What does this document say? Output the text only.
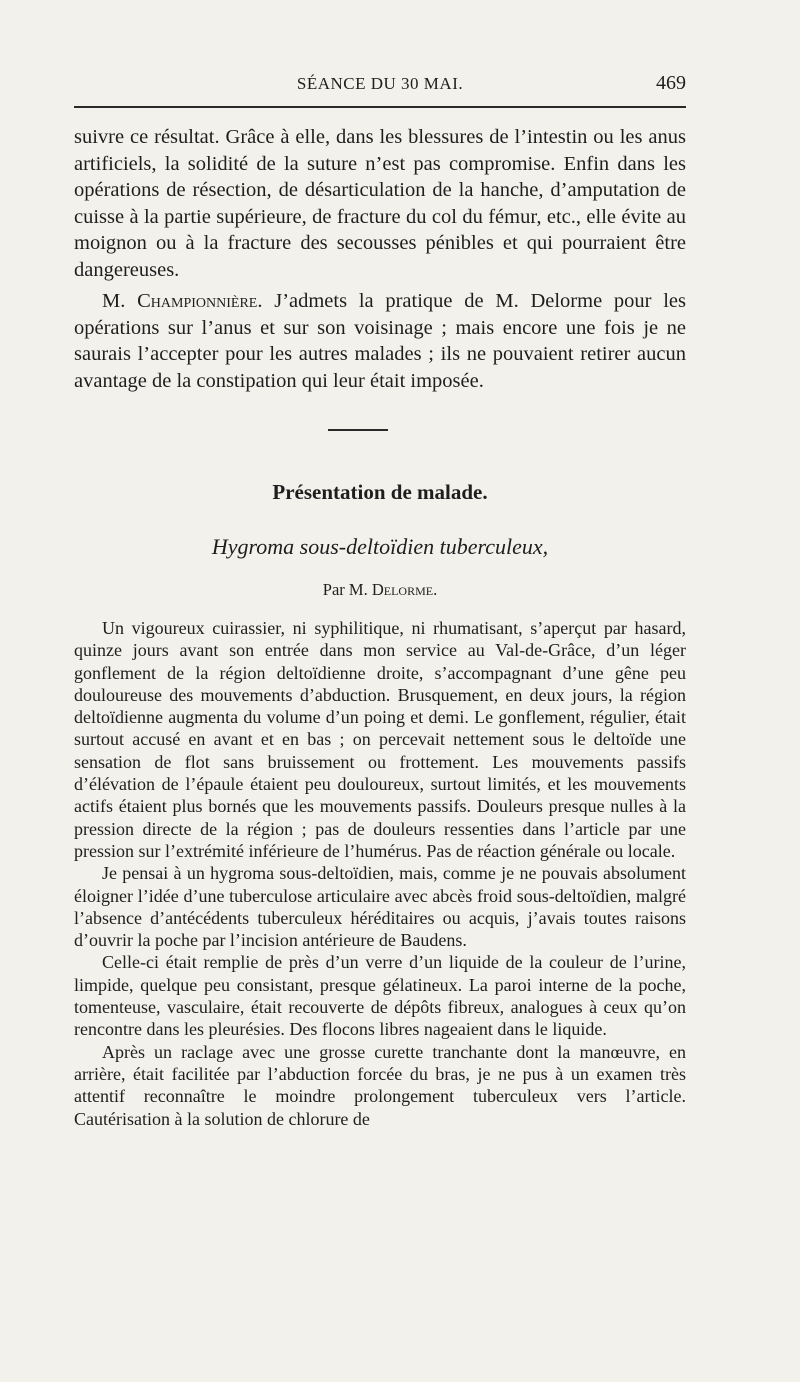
SÉANCE DU 30 MAI.	469

suivre ce résultat. Grâce à elle, dans les blessures de l’intestin ou les anus artificiels, la solidité de la suture n’est pas compromise. Enfin dans les opérations de résection, de désarticulation de la hanche, d’amputation de cuisse à la partie supérieure, de fracture du col du fémur, etc., elle évite au moignon ou à la fracture des secousses pénibles et qui pourraient être dangereuses.

M. Championnière. J’admets la pratique de M. Delorme pour les opérations sur l’anus et sur son voisinage ; mais encore une fois je ne saurais l’accepter pour les autres malades ; ils ne pouvaient retirer aucun avantage de la constipation qui leur était imposée.

Présentation de malade.
Hygroma sous-deltoïdien tuberculeux,
Par M. Delorme.

Un vigoureux cuirassier, ni syphilitique, ni rhumatisant, s’aperçut par hasard, quinze jours avant son entrée dans mon service au Val-de-Grâce, d’un léger gonflement de la région deltoïdienne droite, s’accompagnant d’une gêne peu douloureuse des mouvements d’abduction. Brusquement, en deux jours, la région deltoïdienne augmenta du volume d’un poing et demi. Le gonflement, régulier, était surtout accusé en avant et en bas ; on percevait nettement sous le deltoïde une sensation de flot sans bruissement ou frottement. Les mouvements passifs d’élévation de l’épaule étaient peu douloureux, surtout limités, et les mouvements actifs étaient plus bornés que les mouvements passifs. Douleurs presque nulles à la pression directe de la région ; pas de douleurs ressenties dans l’article par une pression sur l’extrémité inférieure de l’humérus. Pas de réaction générale ou locale.

Je pensai à un hygroma sous-deltoïdien, mais, comme je ne pouvais absolument éloigner l’idée d’une tuberculose articulaire avec abcès froid sous-deltoïdien, malgré l’absence d’antécédents tuberculeux héréditaires ou acquis, j’avais toutes raisons d’ouvrir la poche par l’incision antérieure de Baudens.

Celle-ci était remplie de près d’un verre d’un liquide de la couleur de l’urine, limpide, quelque peu consistant, presque gélatineux. La paroi interne de la poche, tomenteuse, vasculaire, était recouverte de dépôts fibreux, analogues à ceux qu’on rencontre dans les pleurésies. Des flocons libres nageaient dans le liquide.

Après un raclage avec une grosse curette tranchante dont la manœuvre, en arrière, était facilitée par l’abduction forcée du bras, je ne pus à un examen très attentif reconnaître le moindre prolongement tuberculeux vers l’article. Cautérisation à la solution de chlorure de
